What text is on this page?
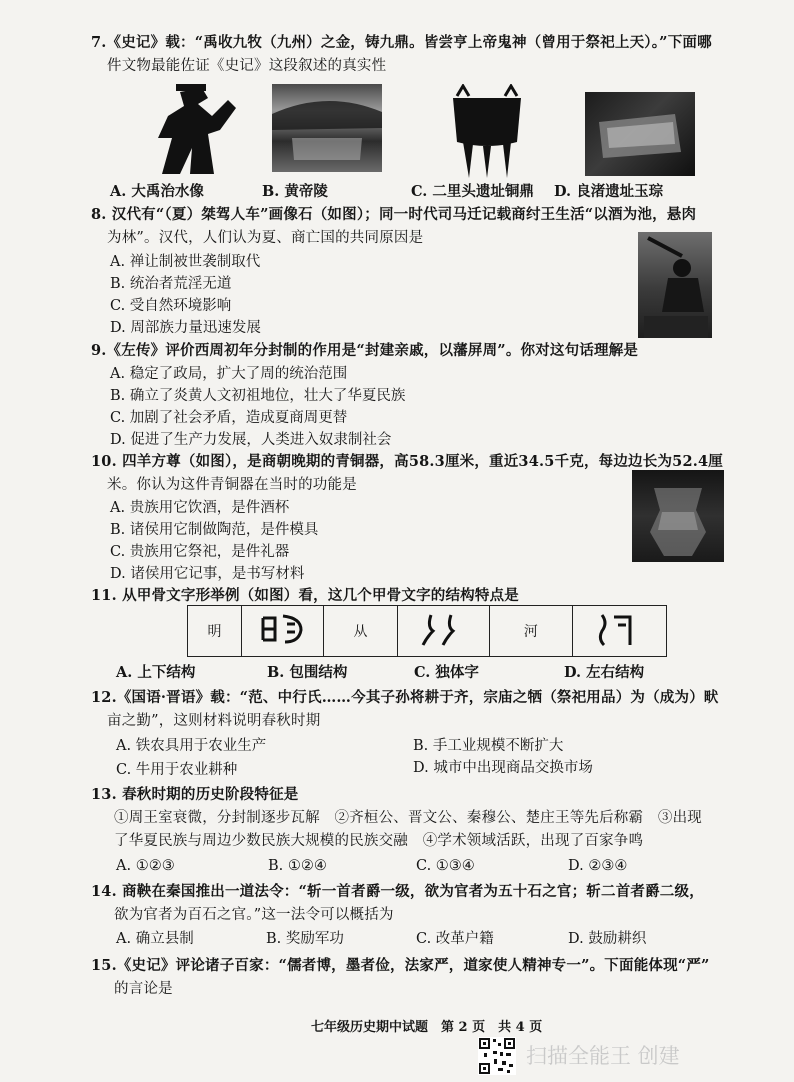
7.《史记》载：“禹收九牧（九州）之金，铸九鼎。皆尝亨上帝鬼神（曾用于祭祀上天）。”下面哪
件文物最能佐证《史记》这段叙述的真实性
A. 大禹治水像	B. 黄帝陵	C. 二里头遗址铜鼎 D. 良渚遗址玉琮
8. 汉代有“（夏）桀驾人车”画像石（如图）；同一时代司马迁记载商纣王生活“以酒为池，悬肉
为林”。汉代，人们认为夏、商亡国的共同原因是
A. 禅让制被世袭制取代
B. 统治者荒淫无道
C. 受自然环境影响
D. 周部族力量迅速发展
9.《左传》评价西周初年分封制的作用是“封建亲戚，以藩屏周”。你对这句话理解是
A. 稳定了政局，扩大了周的统治范围
B. 确立了炎黄人文初祖地位，壮大了华夏民族
C. 加剧了社会矛盾，造成夏商周更替
D. 促进了生产力发展，人类进入奴隶制社会
10. 四羊方尊（如图），是商朝晚期的青铜器，高58.3厘米，重近34.5千克，每边边长为52.4厘
米。你认为这件青铜器在当时的功能是
A. 贵族用它饮酒，是件酒杯
B. 诸侯用它制做陶范，是件模具
C. 贵族用它祭祀，是件礼器
D. 诸侯用它记事，是书写材料
11. 从甲骨文字形举例（如图）看，这几个甲骨文字的结构特点是
明		从		河	
A. 上下结构	B. 包围结构	C. 独体字	D. 左右结构
12.《国语·晋语》载：“范、中行氏……今其子孙将耕于齐，宗庙之牺（祭祀用品）为（成为）畎
亩之勤”，这则材料说明春秋时期
A. 铁农具用于农业生产	B. 手工业规模不断扩大
C. 牛用于农业耕种	D. 城市中出现商品交换市场
13. 春秋时期的历史阶段特征是
①周王室衰微，分封制逐步瓦解　②齐桓公、晋文公、秦穆公、楚庄王等先后称霸　③出现
了华夏民族与周边少数民族大规模的民族交融　④学术领域活跃，出现了百家争鸣
A. ①②③	B. ①②④	C. ①③④	D. ②③④
14. 商鞅在秦国推出一道法令：“斩一首者爵一级，欲为官者为五十石之官；斩二首者爵二级，
欲为官者为百石之官。”这一法令可以概括为
A. 确立县制	B. 奖励军功	C. 改革户籍	D. 鼓励耕织
15.《史记》评论诸子百家：“儒者博，墨者俭，法家严，道家使人精神专一”。下面能体现“严”
的言论是
七年级历史期中试题　第 2 页　共 4 页
扫描全能王 创建
